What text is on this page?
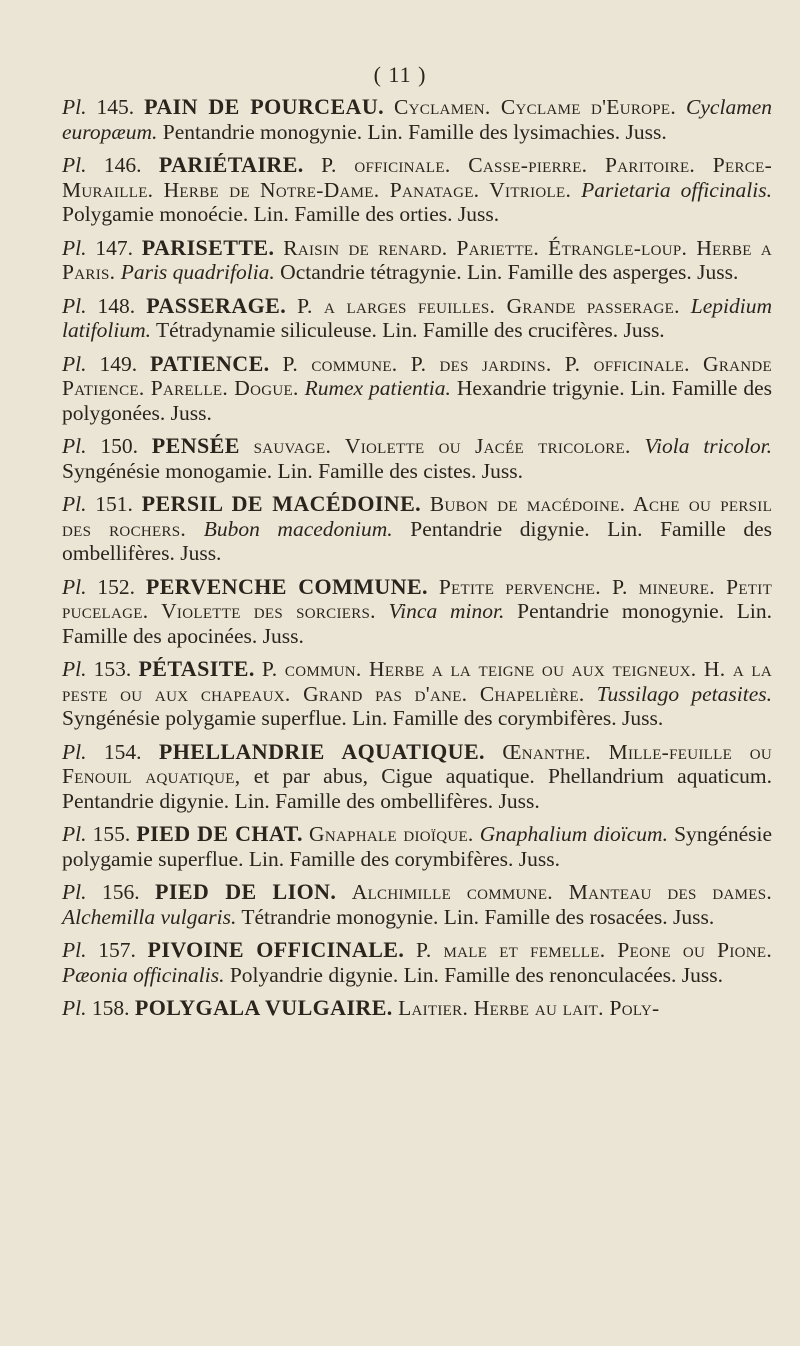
( 11 )

Pl. 145. PAIN DE POURCEAU. Cyclamen. Cyclame d'Europe. Cyclamen europæum. Pentandrie monogynie. Lin. Famille des lysimachies. Juss.

Pl. 146. PARIÉTAIRE. P. officinale. Casse-pierre. Paritoire. Perce-Muraille. Herbe de Notre-Dame. Panatage. Vitriole. Parietaria officinalis. Polygamie monoécie. Lin. Famille des orties. Juss.

Pl. 147. PARISETTE. Raisin de renard. Pariette. Étrangle-loup. Herbe a Paris. Paris quadrifolia. Octandrie tétragynie. Lin. Famille des asperges. Juss.

Pl. 148. PASSERAGE. P. a larges feuilles. Grande passerage. Lepidium latifolium. Tétradynamie siliculeuse. Lin. Famille des crucifères. Juss.

Pl. 149. PATIENCE. P. commune. P. des jardins. P. officinale. Grande Patience. Parelle. Dogue. Rumex patientia. Hexandrie trigynie. Lin. Famille des polygonées. Juss.

Pl. 150. PENSÉE sauvage. Violette ou Jacée tricolore. Viola tricolor. Syngénésie monogamie. Lin. Famille des cistes. Juss.

Pl. 151. PERSIL DE MACÉDOINE. Bubon de macédoine. Ache ou persil des rochers. Bubon macedonium. Pentandrie digynie. Lin. Famille des ombellifères. Juss.

Pl. 152. PERVENCHE COMMUNE. Petite pervenche. P. mineure. Petit pucelage. Violette des sorciers. Vinca minor. Pentandrie monogynie. Lin. Famille des apocinées. Juss.

Pl. 153. PÉTASITE. P. commun. Herbe a la teigne ou aux teigneux. H. a la peste ou aux chapeaux. Grand pas d'ane. Chapelière. Tussilago petasites. Syngénésie polygamie superflue. Lin. Famille des corymbifères. Juss.

Pl. 154. PHELLANDRIE AQUATIQUE. Œnanthe. Mille-feuille ou Fenouil aquatique, et par abus, Cigue aquatique. Phellandrium aquaticum. Pentandrie digynie. Lin. Famille des ombellifères. Juss.

Pl. 155. PIED DE CHAT. Gnaphale dioïque. Gnaphalium dioïcum. Syngénésie polygamie superflue. Lin. Famille des corymbifères. Juss.

Pl. 156. PIED DE LION. Alchimille commune. Manteau des dames. Alchemilla vulgaris. Tétrandrie monogynie. Lin. Famille des rosacées. Juss.

Pl. 157. PIVOINE OFFICINALE. P. male et femelle. Peone ou Pione. Pæonia officinalis. Polyandrie digynie. Lin. Famille des renonculacées. Juss.

Pl. 158. POLYGALA VULGAIRE. Laitier. Herbe au lait. Poly-
